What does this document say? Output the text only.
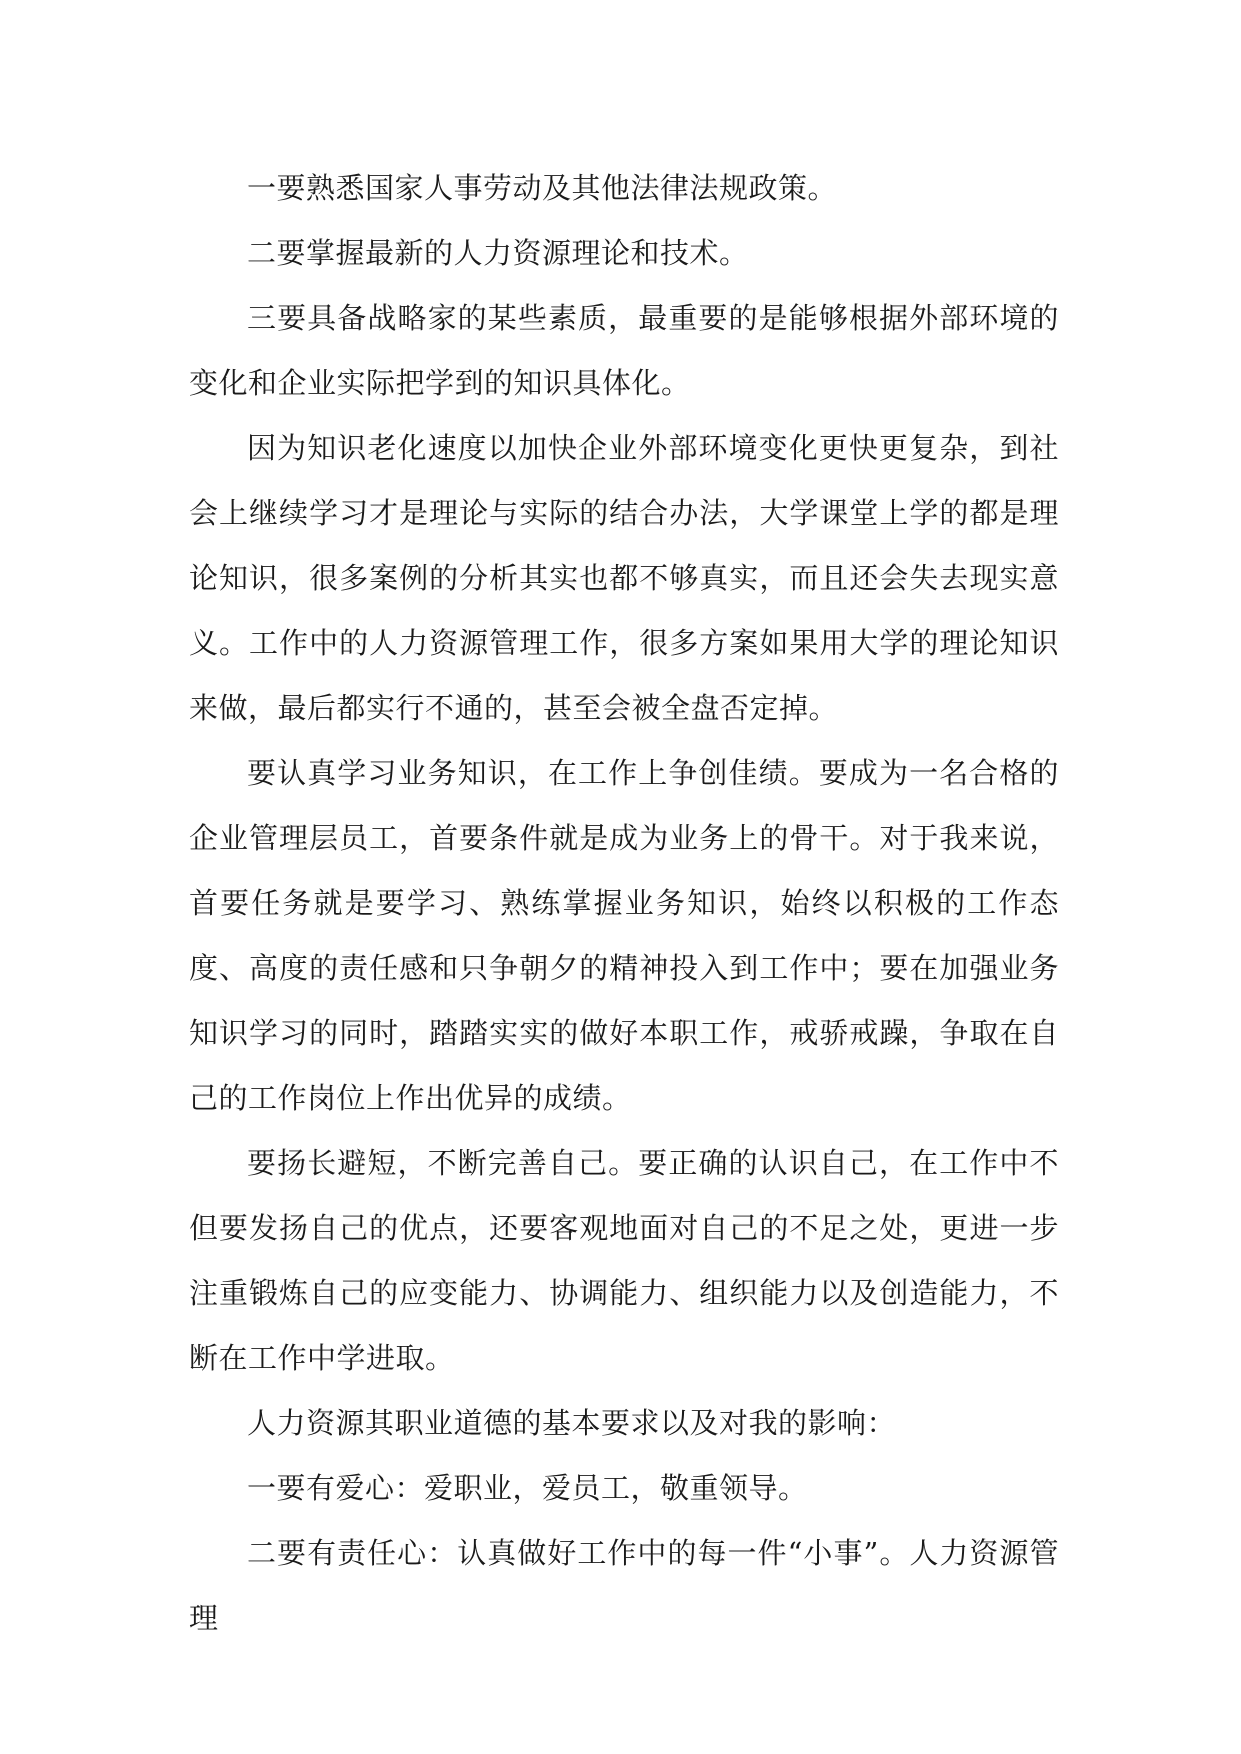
一要熟悉国家人事劳动及其他法律法规政策。

二要掌握最新的人力资源理论和技术。

三要具备战略家的某些素质，最重要的是能够根据外部环境的变化和企业实际把学到的知识具体化。

因为知识老化速度以加快企业外部环境变化更快更复杂，到社会上继续学习才是理论与实际的结合办法，大学课堂上学的都是理论知识，很多案例的分析其实也都不够真实，而且还会失去现实意义。工作中的人力资源管理工作，很多方案如果用大学的理论知识来做，最后都实行不通的，甚至会被全盘否定掉。

要认真学习业务知识，在工作上争创佳绩。要成为一名合格的企业管理层员工，首要条件就是成为业务上的骨干。对于我来说，首要任务就是要学习、熟练掌握业务知识，始终以积极的工作态度、高度的责任感和只争朝夕的精神投入到工作中；要在加强业务知识学习的同时，踏踏实实的做好本职工作，戒骄戒躁，争取在自己的工作岗位上作出优异的成绩。

要扬长避短，不断完善自己。要正确的认识自己，在工作中不但要发扬自己的优点，还要客观地面对自己的不足之处，更进一步注重锻炼自己的应变能力、协调能力、组织能力以及创造能力，不断在工作中学进取。

人力资源其职业道德的基本要求以及对我的影响：

一要有爱心：爱职业，爱员工，敬重领导。

二要有责任心：认真做好工作中的每一件“小事”。人力资源管理
